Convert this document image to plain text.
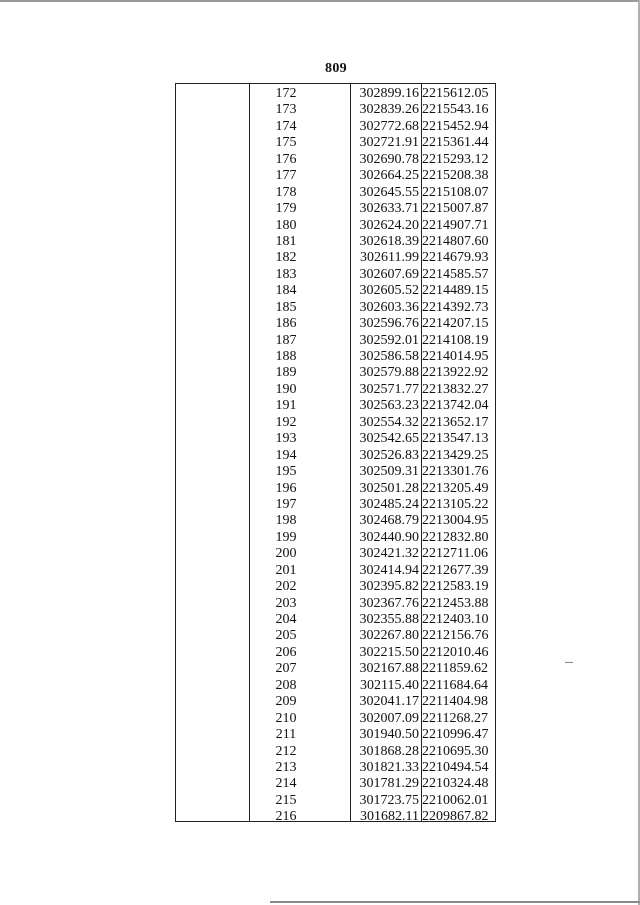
809
172	302899.16 2215612.05
173	302839.26 2215543.16
174	302772.68 2215452.94
175	302721.91 2215361.44
176	302690.78 2215293.12
177	302664.25 2215208.38
178	302645.55 2215108.07
179	302633.71 2215007.87
180	302624.20 2214907.71
181	302618.39 2214807.60
182	302611.99 2214679.93
183	302607.69 2214585.57
184	302605.52 2214489.15
185	302603.36 2214392.73
186	302596.76 2214207.15
187	302592.01 2214108.19
188	302586.58 2214014.95
189	302579.88 2213922.92
190	302571.77 2213832.27
191	302563.23 2213742.04
192	302554.32 2213652.17
193	302542.65 2213547.13
194	302526.83 2213429.25
195	302509.31 2213301.76
196	302501.28 2213205.49
197	302485.24 2213105.22
198	302468.79 2213004.95
199	302440.90 2212832.80
200	302421.32 2212711.06
201	302414.94 2212677.39
202	302395.82 2212583.19
203	302367.76 2212453.88
204	302355.88 2212403.10
205	302267.80 2212156.76
206	302215.50 2212010.46
207	302167.88 2211859.62
208	302115.40 2211684.64
209	302041.17 2211404.98
210	302007.09 2211268.27
211	301940.50 2210996.47
212	301868.28 2210695.30
213	301821.33 2210494.54
214	301781.29 2210324.48
215	301723.75 2210062.01
216	301682.11 2209867.82
